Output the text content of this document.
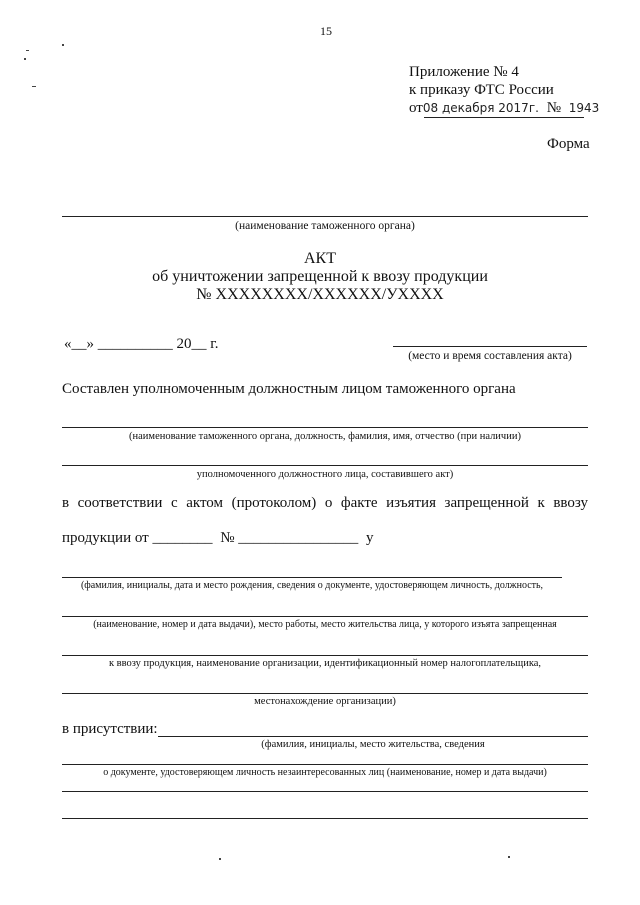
15
Приложение № 4
к приказу ФТС России
от08 декабря 2017г. № 1943
Форма
(наименование таможенного органа)
АКТ
об уничтожении запрещенной к ввозу продукции
№ XXXXXXXX/XXXXXX/УXXXX
«__» __________ 20__ г.
(место и время составления акта)
Составлен уполномоченным должностным лицом таможенного органа
(наименование таможенного органа, должность, фамилия, имя, отчество (при наличии)
уполномоченного должностного лица, составившего акт)
в соответствии с актом (протоколом) о факте изъятия запрещенной к ввозу
продукции от ________ № ________________ у
(фамилия, инициалы, дата и место рождения, сведения о документе, удостоверяющем личность, должность,
(наименование, номер и дата выдачи), место работы, место жительства лица, у которого изъята запрещенная
к ввозу продукция, наименование организации, идентификационный номер налогоплательщика,
местонахождение организации)
в присутствии:
(фамилия, инициалы, место жительства, сведения
о документе, удостоверяющем личность незаинтересованных лиц (наименование, номер и дата выдачи)
